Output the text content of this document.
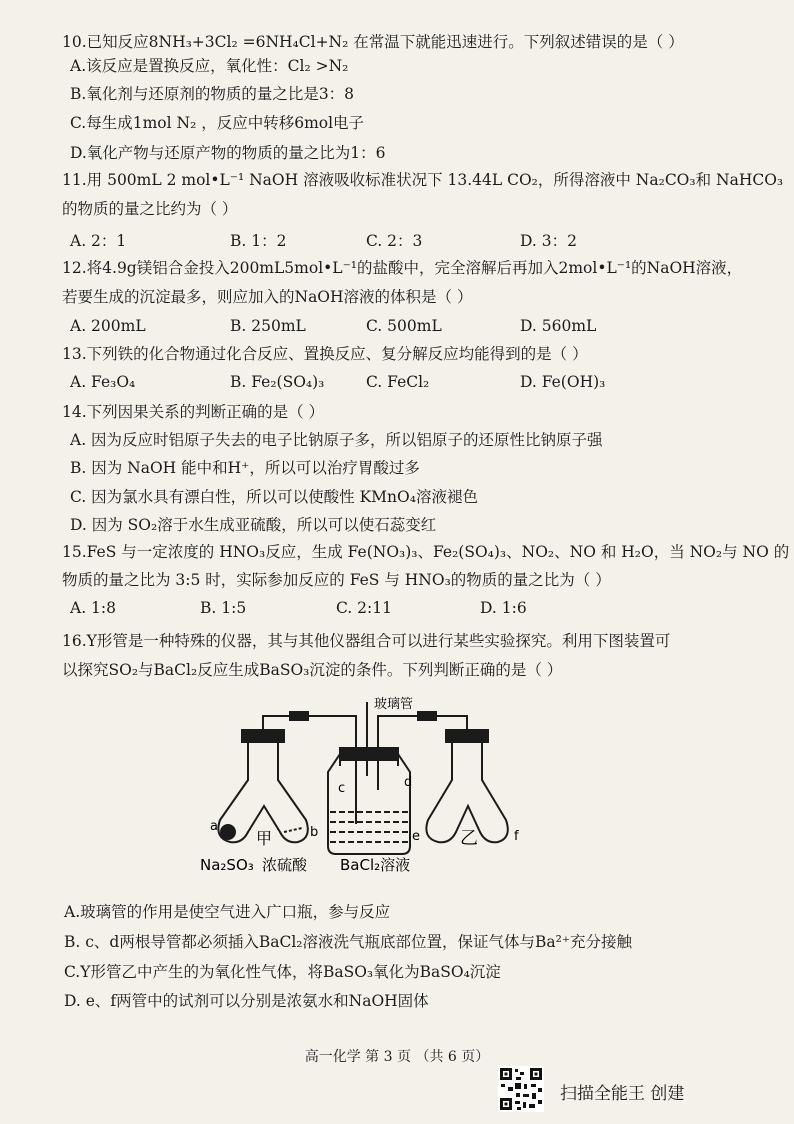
10.已知反应8NH₃+3Cl₂ =6NH₄Cl+N₂ 在常温下就能迅速进行。下列叙述错误的是（ ）
A.该反应是置换反应，氧化性：Cl₂ >N₂
B.氧化剂与还原剂的物质的量之比是3：8
C.每生成1mol N₂ ，反应中转移6mol电子
D.氧化产物与还原产物的物质的量之比为1：6
11.用 500mL 2 mol•L⁻¹ NaOH 溶液吸收标准状况下 13.44L CO₂，所得溶液中 Na₂CO₃和 NaHCO₃
的物质的量之比约为（ ）
A. 2：1	B. 1：2	C. 2：3	D. 3：2
12.将4.9g镁铝合金投入200mL5mol•L⁻¹的盐酸中，完全溶解后再加入2mol•L⁻¹的NaOH溶液，
若要生成的沉淀最多，则应加入的NaOH溶液的体积是（ ）
A. 200mL	B. 250mL	C. 500mL	D. 560mL
13.下列铁的化合物通过化合反应、置换反应、复分解反应均能得到的是（ ）
A. Fe₃O₄	B. Fe₂(SO₄)₃	C. FeCl₂	D. Fe(OH)₃
14.下列因果关系的判断正确的是（ ）
A. 因为反应时铝原子失去的电子比钠原子多，所以铝原子的还原性比钠原子强
B. 因为 NaOH 能中和H⁺，所以可以治疗胃酸过多
C. 因为氯水具有漂白性，所以可以使酸性 KMnO₄溶液褪色
D. 因为 SO₂溶于水生成亚硫酸，所以可以使石蕊变红
15.FeS 与一定浓度的 HNO₃反应，生成 Fe(NO₃)₃、Fe₂(SO₄)₃、NO₂、NO 和 H₂O，当 NO₂与 NO 的
物质的量之比为 3:5 时，实际参加反应的 FeS 与 HNO₃的物质的量之比为（ ）
A. 1:8	B. 1:5	C. 2:11	D. 1:6
16.Y形管是一种特殊的仪器，其与其他仪器组合可以进行某些实验探究。利用下图装置可
以探究SO₂与BaCl₂反应生成BaSO₃沉淀的条件。下列判断正确的是（ ）
玻璃管
a	b
c	d
e	f
甲	乙
Na₂SO₃ 浓硫酸 BaCl₂溶液
A.玻璃管的作用是使空气进入广口瓶，参与反应
B. c、d两根导管都必须插入BaCl₂溶液洗气瓶底部位置，保证气体与Ba²⁺充分接触
C.Y形管乙中产生的为氧化性气体，将BaSO₃氧化为BaSO₄沉淀
D. e、f两管中的试剂可以分别是浓氨水和NaOH固体
高一化学 第 3 页 （共 6 页）
扫描全能王 创建
